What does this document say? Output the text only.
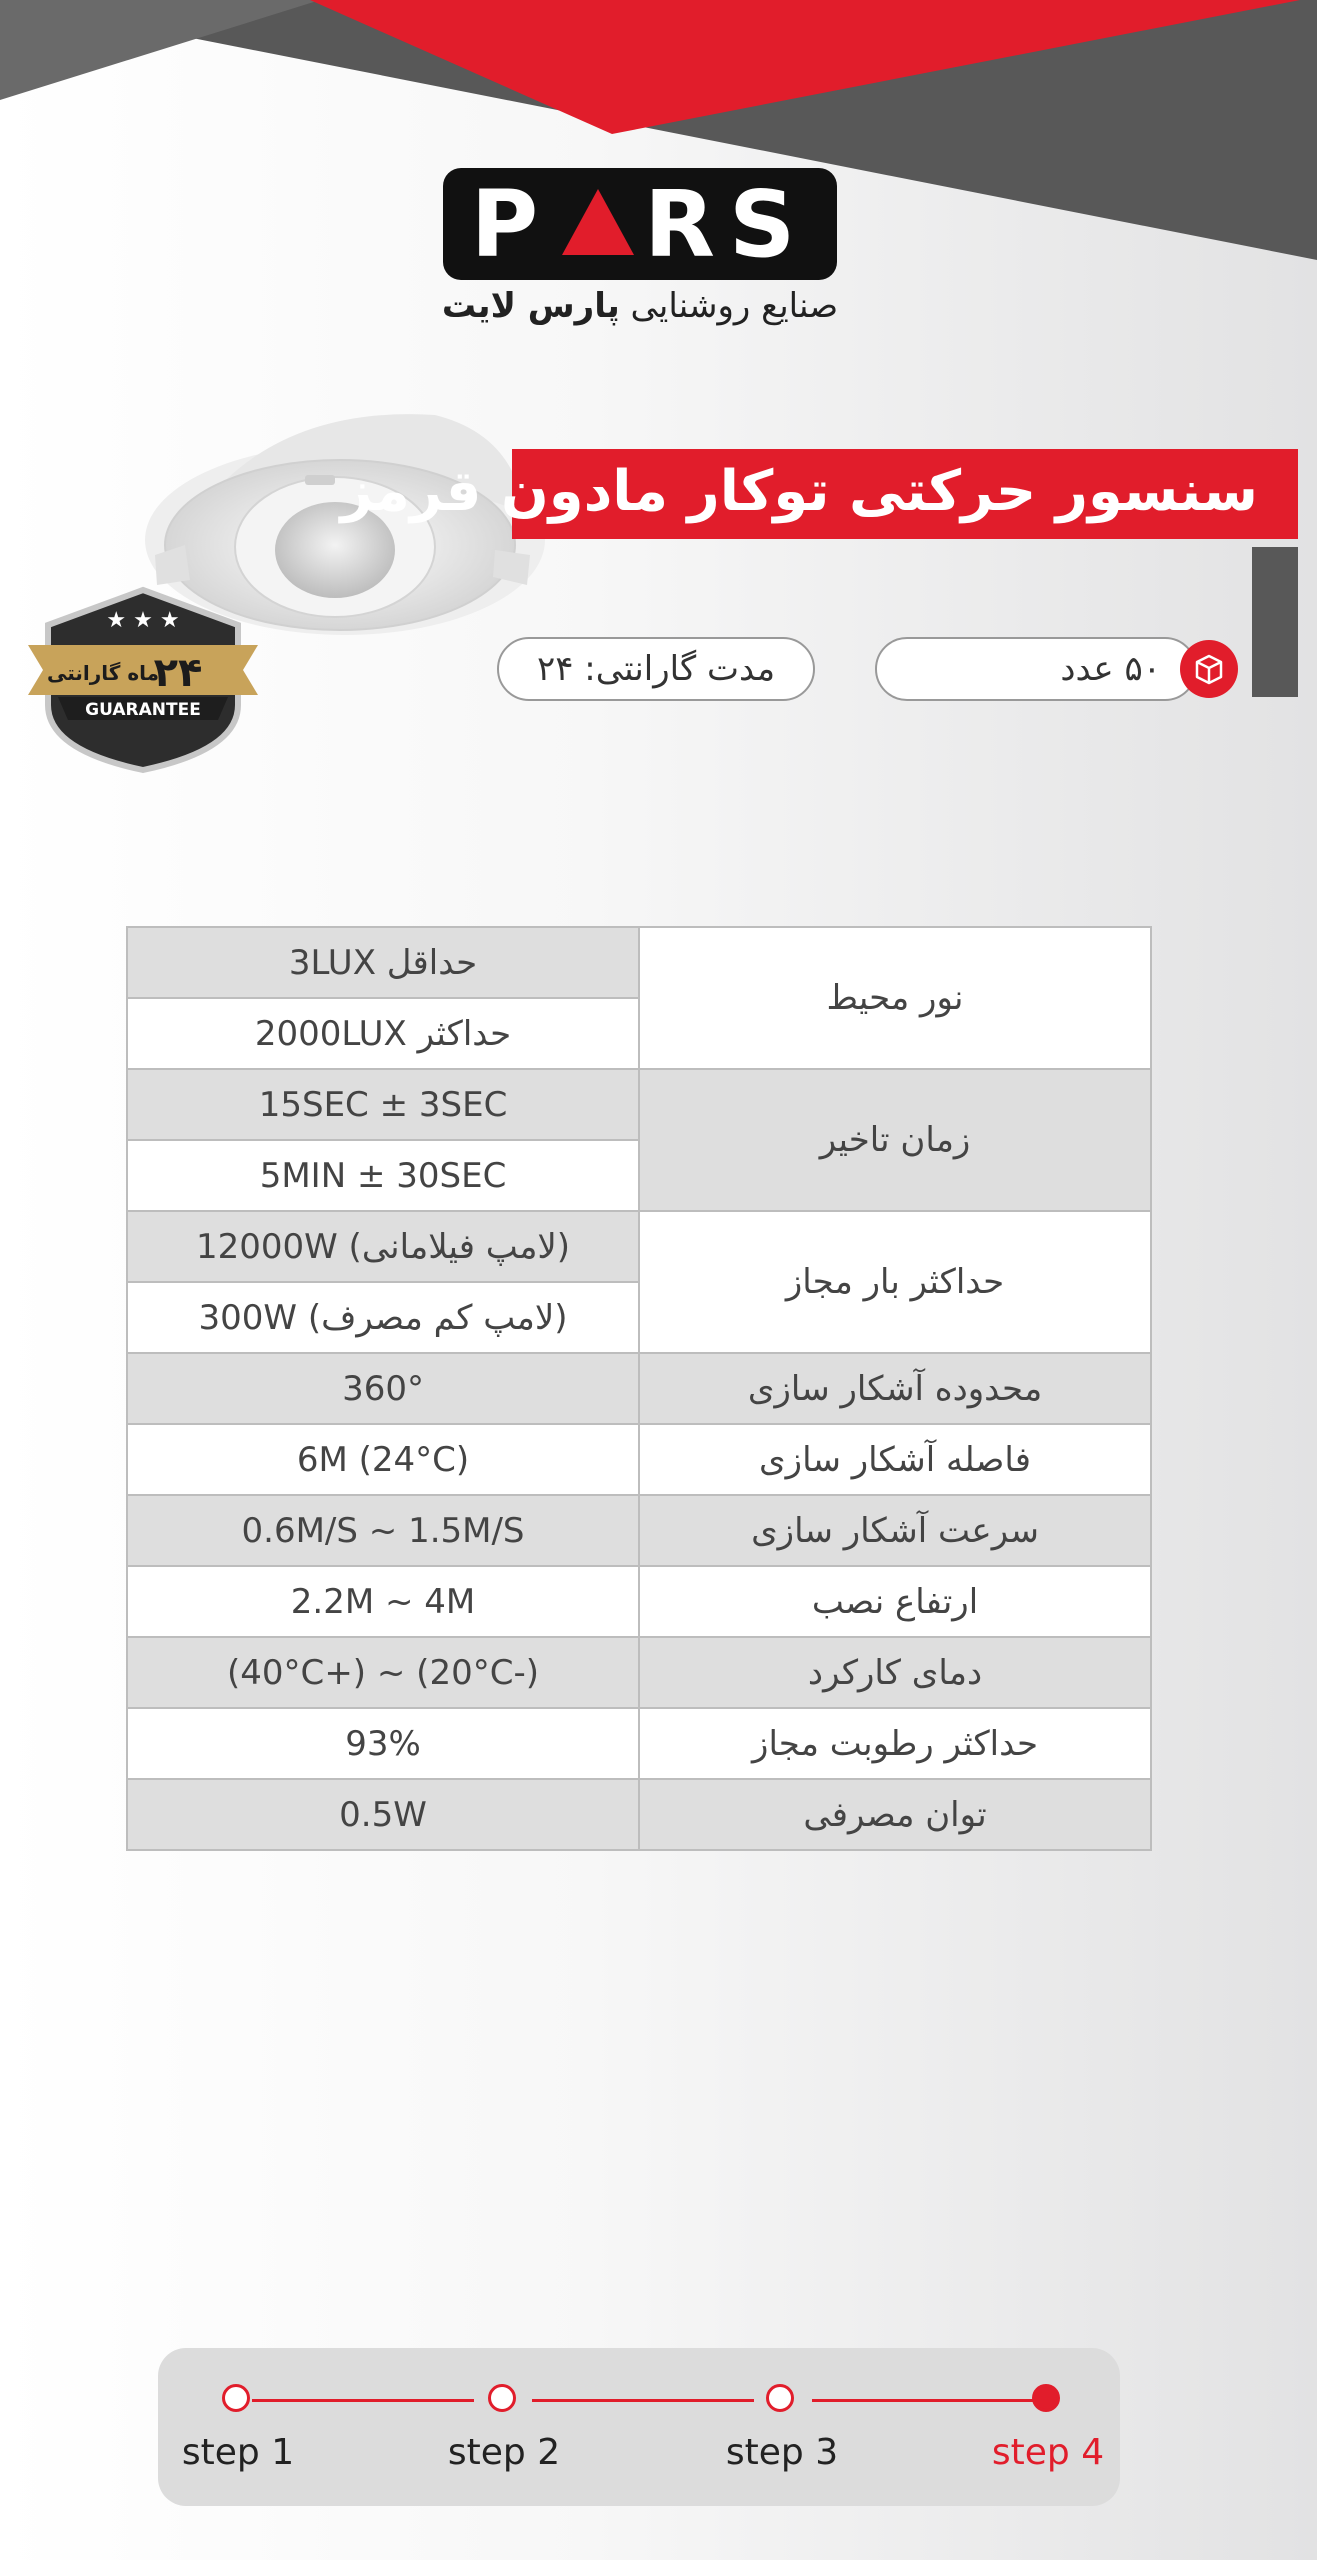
P RS
صنایع روشنایی پارس لایت
★ ★ ★
۲۴
ماه گارانتی
GUARANTEE
سنسور حرکتی توکار مادون قرمز
۵۰ عدد
مدت گارانتی: ۲۴
حداقل 3LUX	نور محیط
حداکثر 2000LUX	
15SEC ± 3SEC	زمان تاخیر
5MIN ± 30SEC	
(لامپ فیلامانی) 12000W	حداکثر بار مجاز
(لامپ کم مصرف) 300W	
360°	محدوده آشکار سازی
(24°C) 6M	فاصله آشکار سازی
0.6M/S ~ 1.5M/S	سرعت آشکار سازی
2.2M ~ 4M	ارتفاع نصب
(-20°C) ~ (+40°C)	دمای کارکرد
93%	حداکثر رطوبت مجاز
0.5W	توان مصرفی
step 1	step 2	step 3	step 4
